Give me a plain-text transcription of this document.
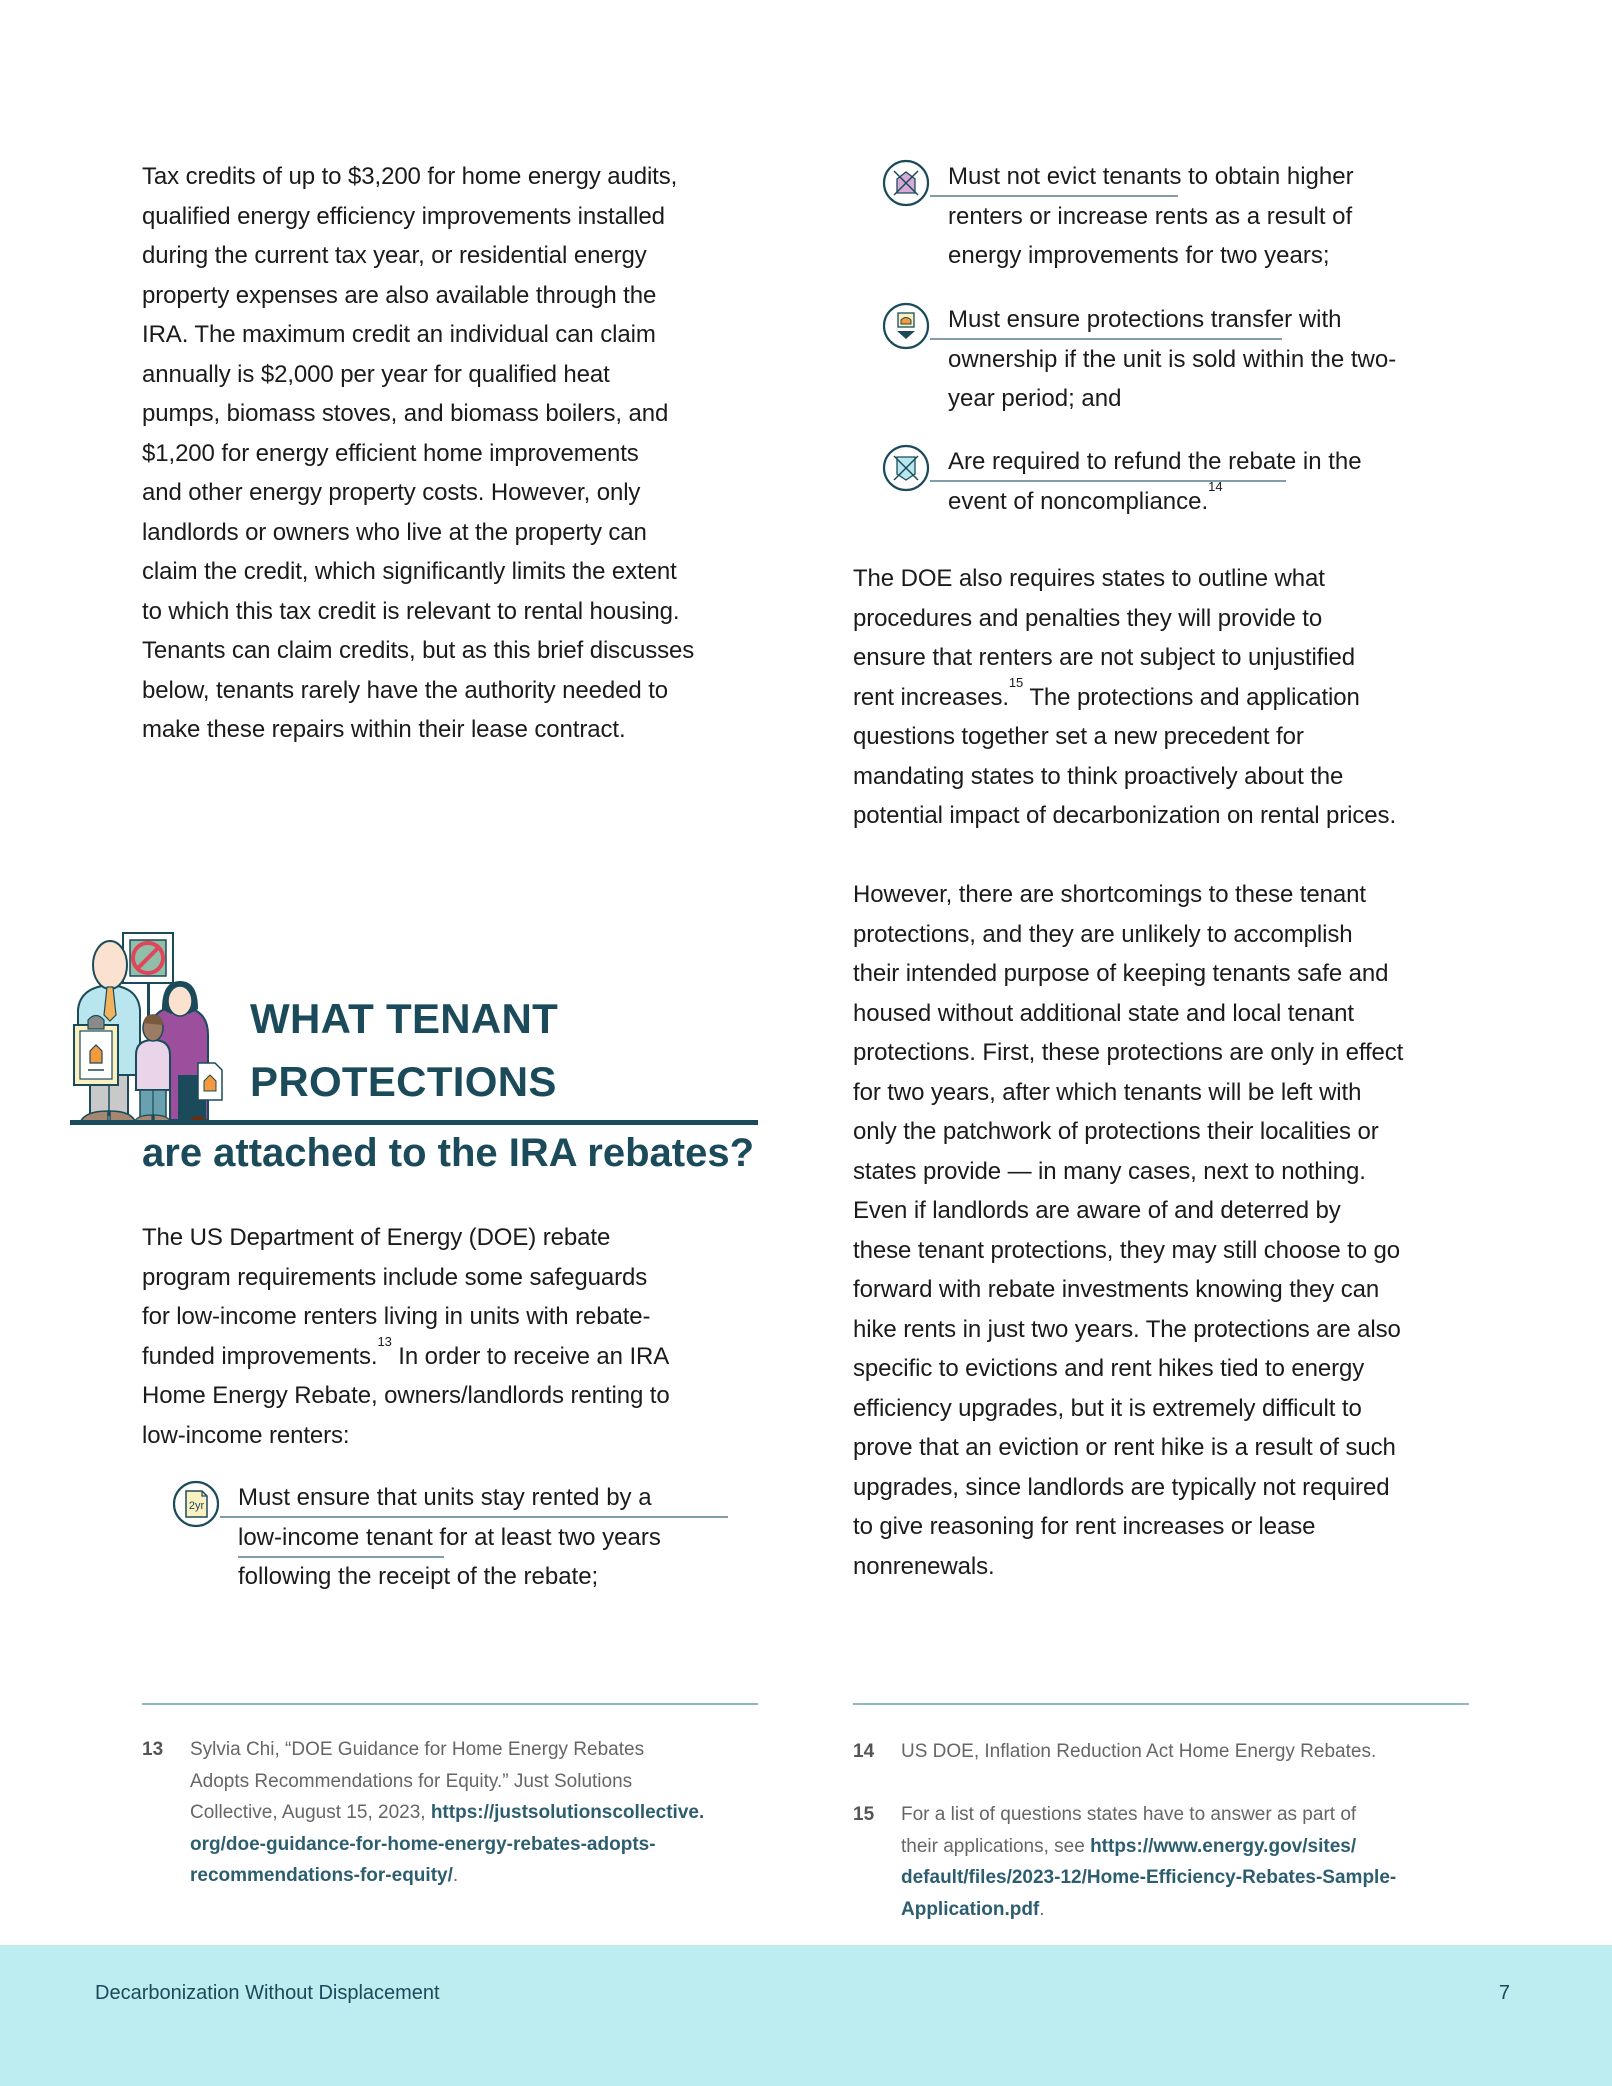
Tax credits of up to $3,200 for home energy audits,
qualified energy efficiency improvements installed
during the current tax year, or residential energy
property expenses are also available through the
IRA. The maximum credit an individual can claim
annually is $2,000 per year for qualified heat
pumps, biomass stoves, and biomass boilers, and
$1,200 for energy efficient home improvements
and other energy property costs. However, only
landlords or owners who live at the property can
claim the credit, which significantly limits the extent
to which this tax credit is relevant to rental housing.
Tenants can claim credits, but as this brief discusses
below, tenants rarely have the authority needed to
make these repairs within their lease contract.
WHAT TENANT
PROTECTIONS
are attached to the IRA rebates?
The US Department of Energy (DOE) rebate
program requirements include some safeguards
for low-income renters living in units with rebate-
funded improvements.$^{13}$ In order to receive an IRA
Home Energy Rebate, owners/landlords renting to
low-income renters:
2yr Must ensure that units stay rented by a
low-income tenant for at least two years
following the receipt of the rebate;
Must not evict tenants to obtain higher
renters or increase rents as a result of
energy improvements for two years;
Must ensure protections transfer with
ownership if the unit is sold within the two-
year period; and
Are required to refund the rebate in the
event of noncompliance.$^{14}$
The DOE also requires states to outline what
procedures and penalties they will provide to
ensure that renters are not subject to unjustified
rent increases.$^{15}$ The protections and application
questions together set a new precedent for
mandating states to think proactively about the
potential impact of decarbonization on rental prices.
However, there are shortcomings to these tenant
protections, and they are unlikely to accomplish
their intended purpose of keeping tenants safe and
housed without additional state and local tenant
protections. First, these protections are only in effect
for two years, after which tenants will be left with
only the patchwork of protections their localities or
states provide — in many cases, next to nothing.
Even if landlords are aware of and deterred by
these tenant protections, they may still choose to go
forward with rebate investments knowing they can
hike rents in just two years. The protections are also
specific to evictions and rent hikes tied to energy
efficiency upgrades, but it is extremely difficult to
prove that an eviction or rent hike is a result of such
upgrades, since landlords are typically not required
to give reasoning for rent increases or lease
nonrenewals.
13 Sylvia Chi, “DOE Guidance for Home Energy Rebates
Adopts Recommendations for Equity.” Just Solutions
Collective, August 15, 2023, https://justsolutionscollective.
org/doe-guidance-for-home-energy-rebates-adopts-
recommendations-for-equity/.
14 US DOE, Inflation Reduction Act Home Energy Rebates.
15 For a list of questions states have to answer as part of
their applications, see https://www.energy.gov/sites/
default/files/2023-12/Home-Efficiency-Rebates-Sample-
Application.pdf.
Decarbonization Without Displacement	7
